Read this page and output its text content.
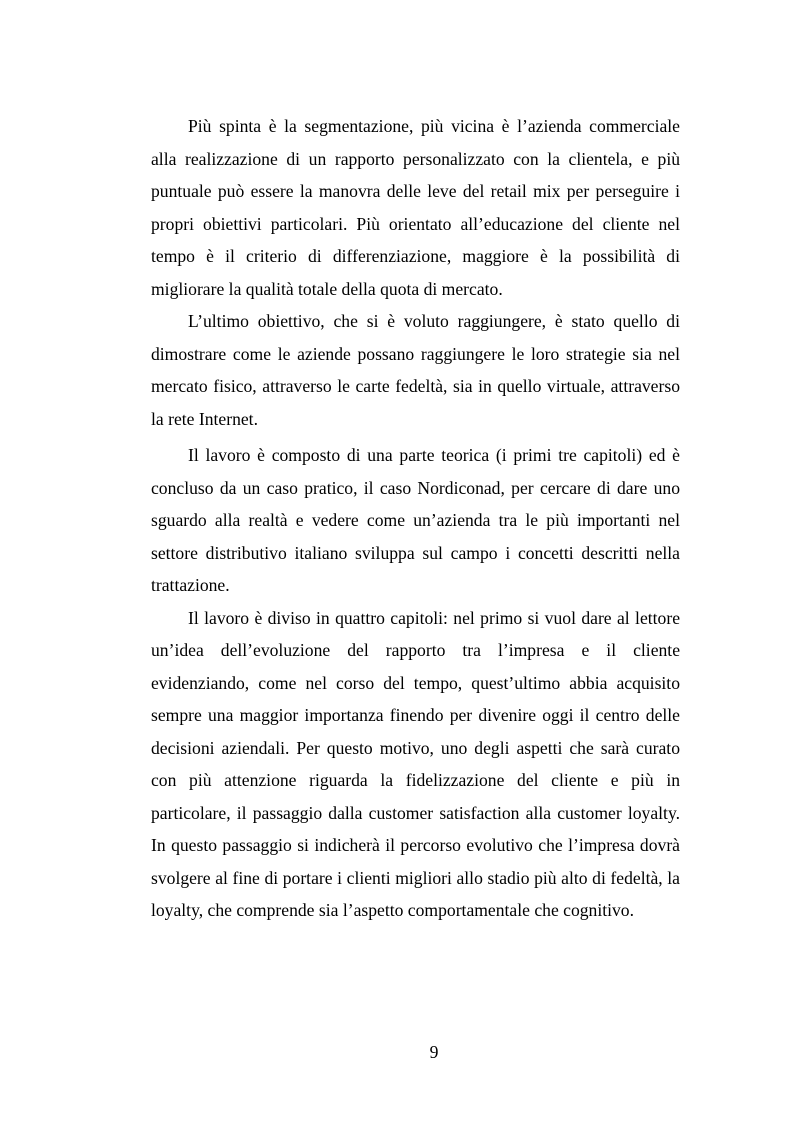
Più spinta è la segmentazione, più vicina è l’azienda commerciale alla realizzazione di un rapporto personalizzato con la clientela, e più puntuale può essere la manovra delle leve del retail mix per perseguire i propri obiettivi particolari. Più orientato all’educazione del cliente nel tempo è il criterio di differenziazione, maggiore è la possibilità di migliorare la qualità totale della quota di mercato.

L’ultimo obiettivo, che si è voluto raggiungere, è stato quello di dimostrare come le aziende possano raggiungere le loro strategie sia nel mercato fisico, attraverso le carte fedeltà, sia in quello virtuale, attraverso la rete Internet.

Il lavoro è composto di una parte teorica (i primi tre capitoli) ed è concluso da un caso pratico, il caso Nordiconad, per cercare di dare uno sguardo alla realtà e vedere come un’azienda tra le più importanti nel settore distributivo italiano sviluppa sul campo i concetti descritti nella trattazione.

Il lavoro è diviso in quattro capitoli: nel primo si vuol dare al lettore un’idea dell’evoluzione del rapporto tra l’impresa e il cliente evidenziando, come nel corso del tempo, quest’ultimo abbia acquisito sempre una maggior importanza finendo per divenire oggi il centro delle decisioni aziendali. Per questo motivo, uno degli aspetti che sarà curato con più attenzione riguarda la fidelizzazione del cliente e più in particolare, il passaggio dalla customer satisfaction alla customer loyalty. In questo passaggio si indicherà il percorso evolutivo che l’impresa dovrà svolgere al fine di portare i clienti migliori allo stadio più alto di fedeltà, la loyalty, che comprende sia l’aspetto comportamentale che cognitivo.

9
